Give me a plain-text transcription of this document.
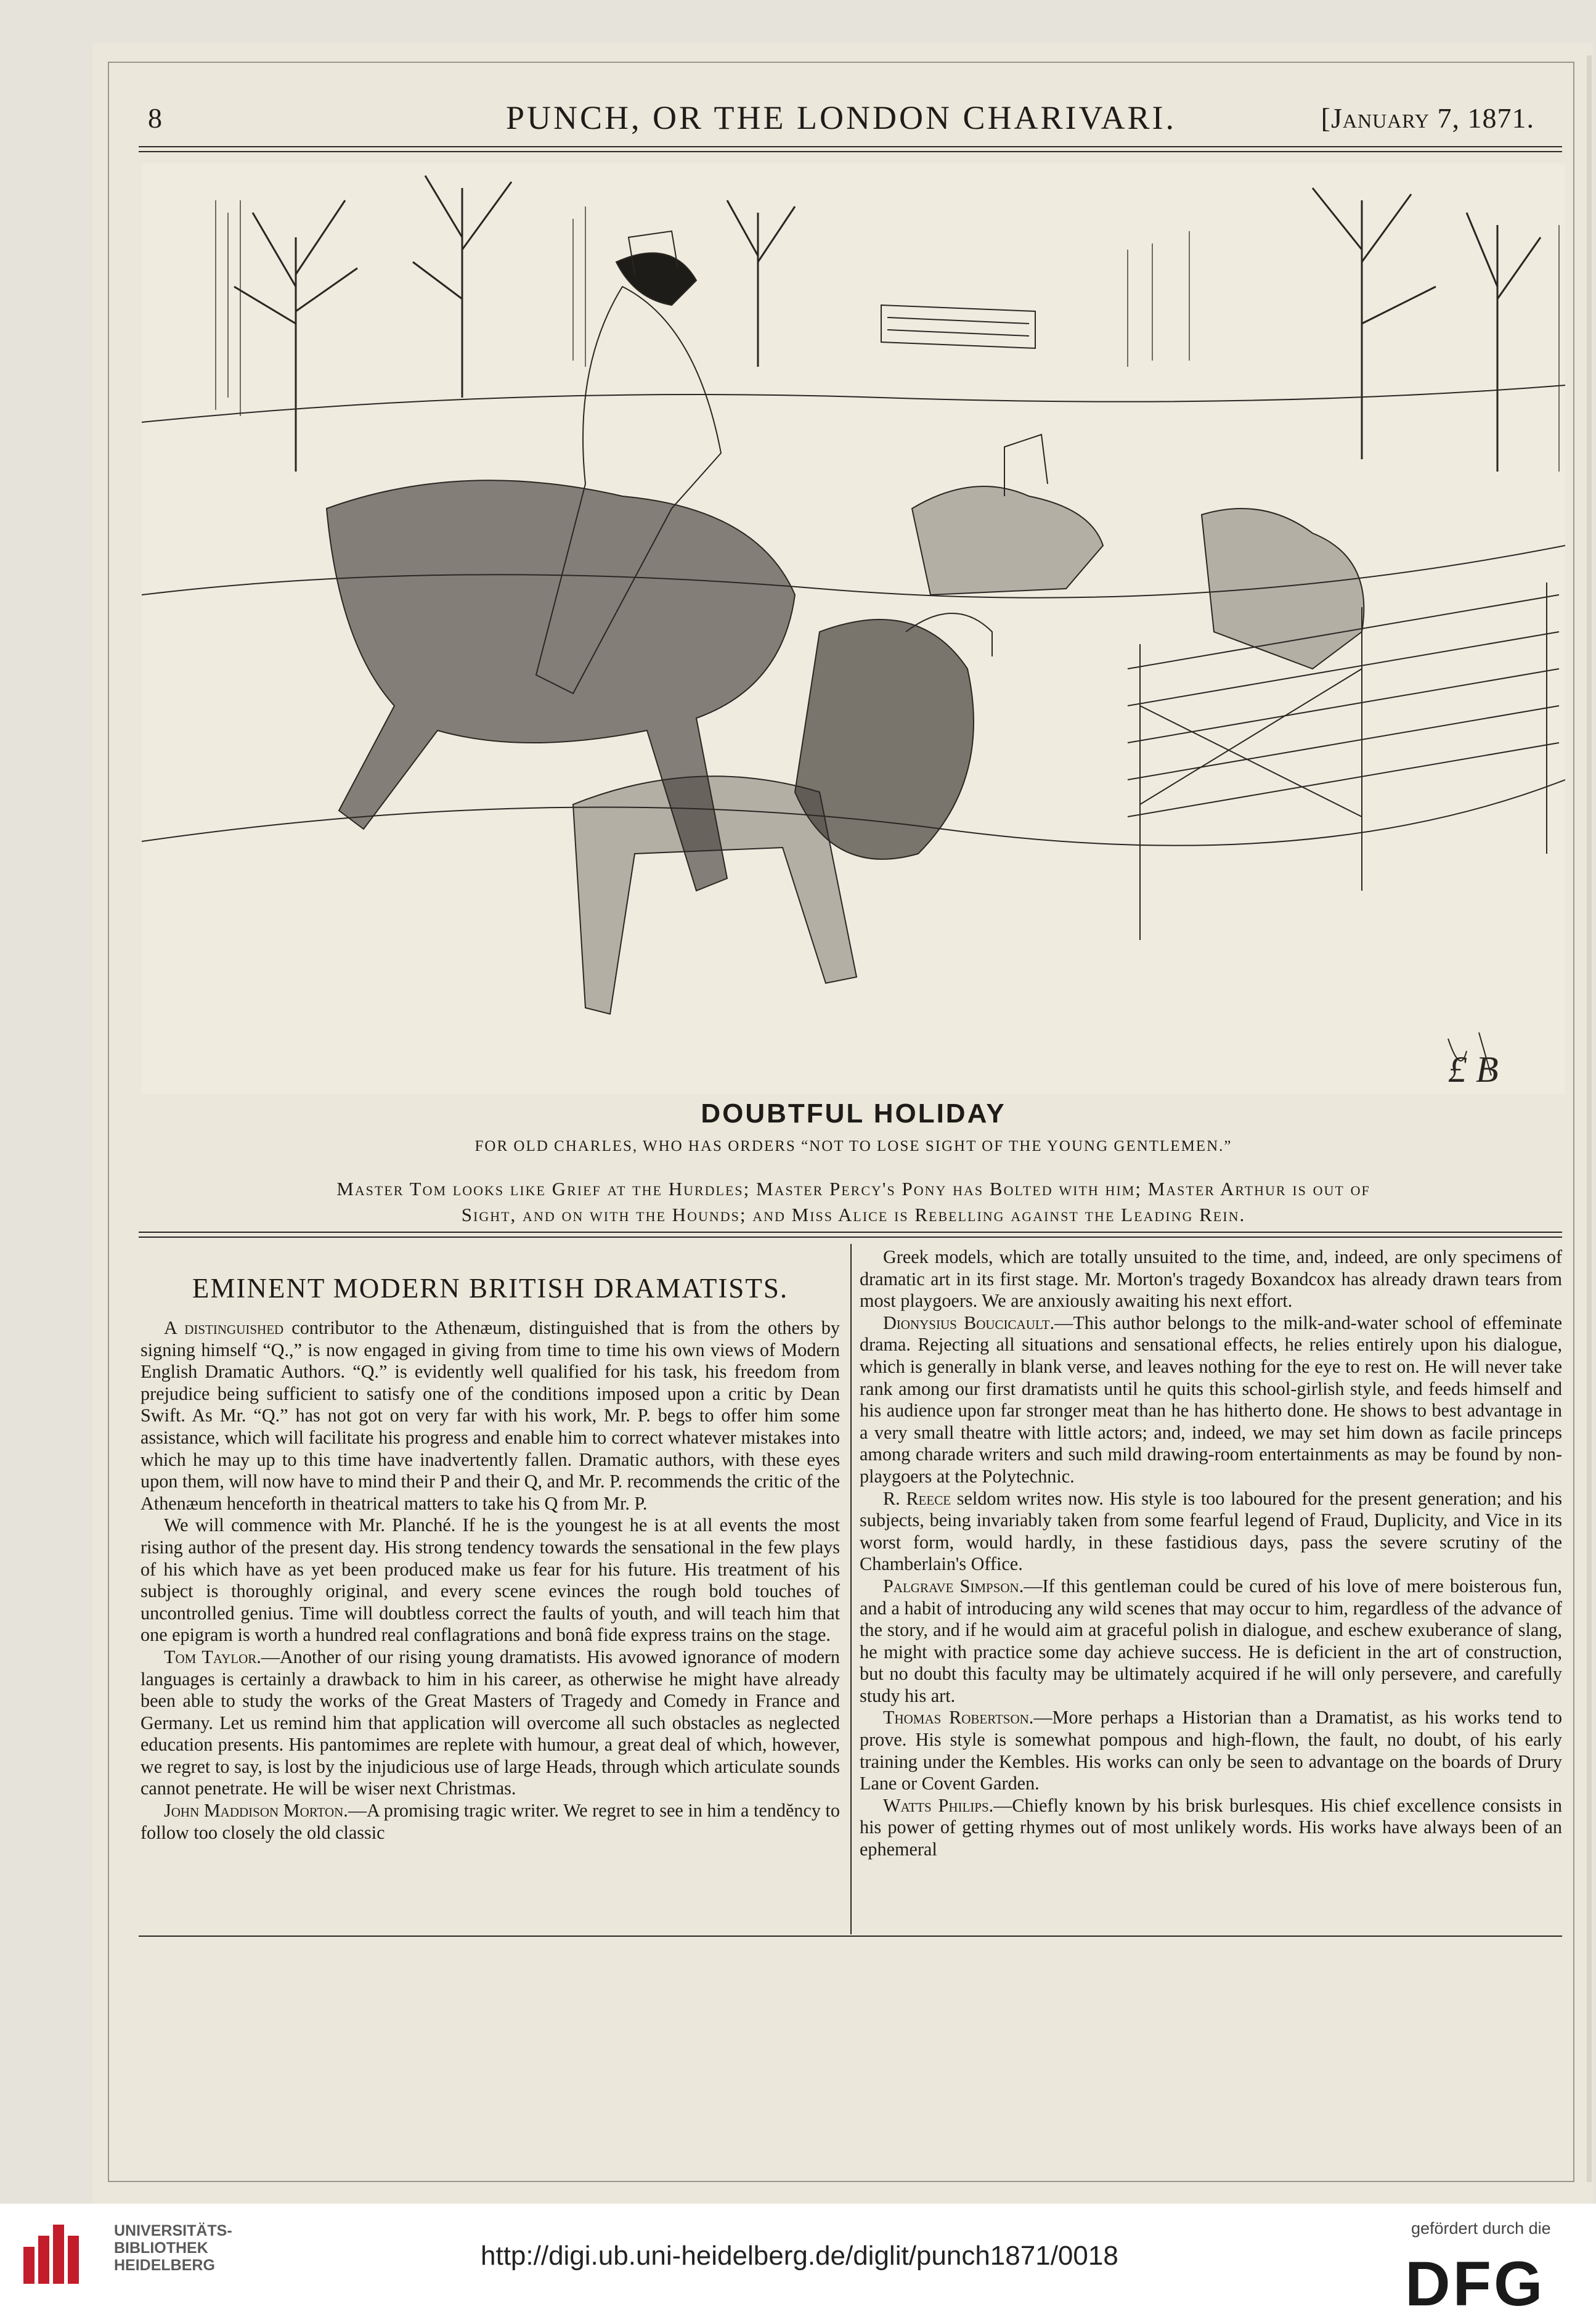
8	PUNCH, OR THE LONDON CHARIVARI.	[January 7, 1871.
£ B
DOUBTFUL HOLIDAY
FOR OLD CHARLES, WHO HAS ORDERS “NOT TO LOSE SIGHT OF THE YOUNG GENTLEMEN.”
Master Tom looks like Grief at the Hurdles; Master Percy's Pony has Bolted with him; Master Arthur is out of
Sight, and on with the Hounds; and Miss Alice is Rebelling against the Leading Rein.
EMINENT MODERN BRITISH DRAMATISTS.

A distinguished contributor to the Athenæum, distinguished that is from the others by signing himself “Q.,” is now engaged in giving from time to time his own views of Modern English Dramatic Authors. “Q.” is evidently well qualified for his task, his freedom from prejudice being sufficient to satisfy one of the conditions imposed upon a critic by Dean Swift. As Mr. “Q.” has not got on very far with his work, Mr. P. begs to offer him some assistance, which will facilitate his progress and enable him to correct whatever mistakes into which he may up to this time have inadvertently fallen. Dramatic authors, with these eyes upon them, will now have to mind their P and their Q, and Mr. P. recommends the critic of the Athenæum henceforth in theatrical matters to take his Q from Mr. P.

We will commence with Mr. Planché. If he is the youngest he is at all events the most rising author of the present day. His strong tendency towards the sensational in the few plays of his which have as yet been produced make us fear for his future. His treatment of his subject is thoroughly original, and every scene evinces the rough bold touches of uncontrolled genius. Time will doubtless correct the faults of youth, and will teach him that one epigram is worth a hundred real conflagrations and bonâ fide express trains on the stage.

Tom Taylor.—Another of our rising young dramatists. His avowed ignorance of modern languages is certainly a drawback to him in his career, as otherwise he might have already been able to study the works of the Great Masters of Tragedy and Comedy in France and Germany. Let us remind him that application will overcome all such obstacles as neglected education presents. His pantomimes are replete with humour, a great deal of which, however, we regret to say, is lost by the injudicious use of large Heads, through which articulate sounds cannot penetrate. He will be wiser next Christmas.

John Maddison Morton.—A promising tragic writer. We regret to see in him a tendĕncy to follow too closely the old classic

Greek models, which are totally unsuited to the time, and, indeed, are only specimens of dramatic art in its first stage. Mr. Morton's tragedy Boxandcox has already drawn tears from most playgoers. We are anxiously awaiting his next effort.

Dionysius Boucicault.—This author belongs to the milk-and-water school of effeminate drama. Rejecting all situations and sensational effects, he relies entirely upon his dialogue, which is generally in blank verse, and leaves nothing for the eye to rest on. He will never take rank among our first dramatists until he quits this school-girlish style, and feeds himself and his audience upon far stronger meat than he has hitherto done. He shows to best advantage in a very small theatre with little actors; and, indeed, we may set him down as facile princeps among charade writers and such mild drawing-room entertainments as may be found by non-playgoers at the Polytechnic.

R. Reece seldom writes now. His style is too laboured for the present generation; and his subjects, being invariably taken from some fearful legend of Fraud, Duplicity, and Vice in its worst form, would hardly, in these fastidious days, pass the severe scrutiny of the Chamberlain's Office.

Palgrave Simpson.—If this gentleman could be cured of his love of mere boisterous fun, and a habit of introducing any wild scenes that may occur to him, regardless of the advance of the story, and if he would aim at graceful polish in dialogue, and eschew exuberance of slang, he might with practice some day achieve success. He is deficient in the art of construction, but no doubt this faculty may be ultimately acquired if he will only persevere, and carefully study his art.

Thomas Robertson.—More perhaps a Historian than a Dramatist, as his works tend to prove. His style is somewhat pompous and high-flown, the fault, no doubt, of his early training under the Kembles. His works can only be seen to advantage on the boards of Drury Lane or Covent Garden.

Watts Philips.—Chiefly known by his brisk burlesques. His chief excellence consists in his power of getting rhymes out of most unlikely words. His works have always been of an ephemeral

UNIVERSITÄTS-
BIBLIOTHEK
HEIDELBERG	http://digi.ub.uni-heidelberg.de/diglit/punch1871/0018
gefördert durch die
DFG
